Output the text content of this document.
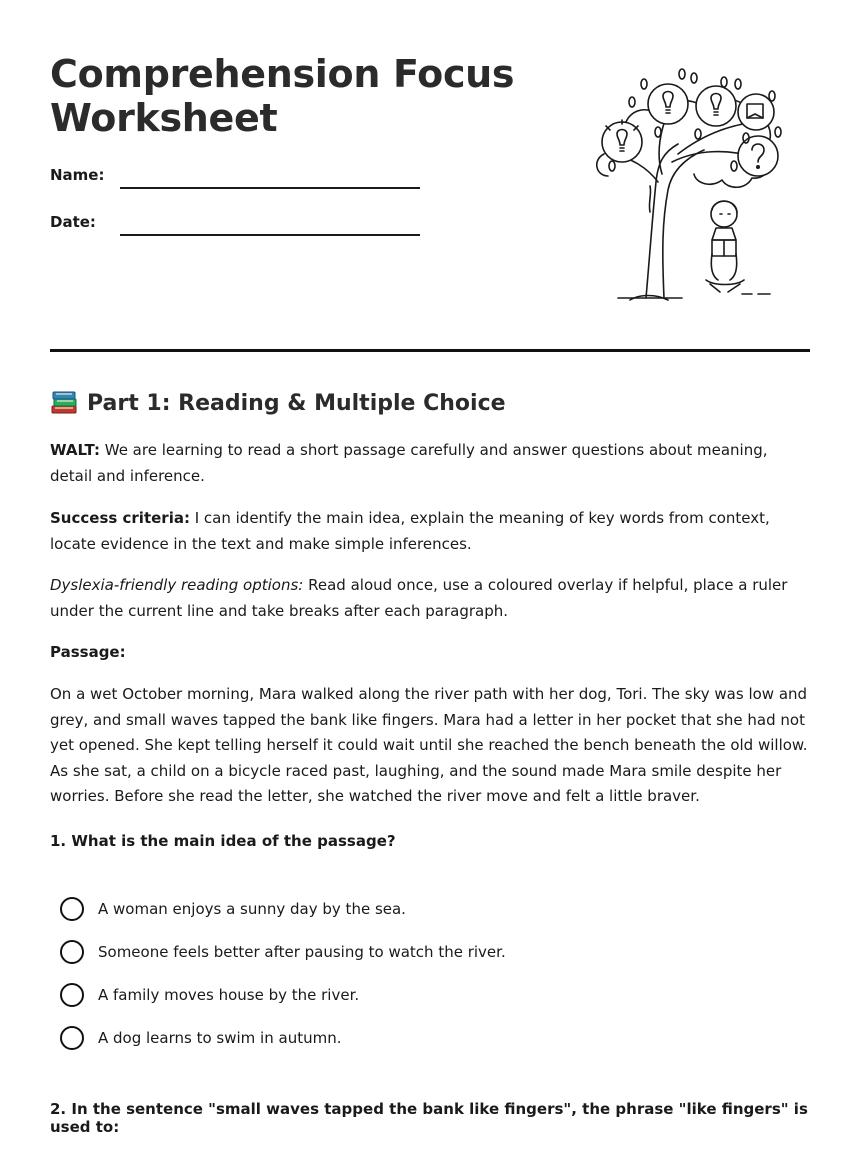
Comprehension Focus
Worksheet
Name:
Date:
Part 1: Reading & Multiple Choice
WALT: We are learning to read a short passage carefully and answer questions about meaning, detail and inference.
Success criteria: I can identify the main idea, explain the meaning of key words from context, locate evidence in the text and make simple inferences.
Dyslexia-friendly reading options: Read aloud once, use a coloured overlay if helpful, place a ruler under the current line and take breaks after each paragraph.
Passage:
On a wet October morning, Mara walked along the river path with her dog, Tori. The sky was low and grey, and small waves tapped the bank like fingers. Mara had a letter in her pocket that she had not yet opened. She kept telling herself it could wait until she reached the bench beneath the old willow. As she sat, a child on a bicycle raced past, laughing, and the sound made Mara smile despite her worries. Before she read the letter, she watched the river move and felt a little braver.
1. What is the main idea of the passage?
A woman enjoys a sunny day by the sea.
Someone feels better after pausing to watch the river.
A family moves house by the river.
A dog learns to swim in autumn.
2. In the sentence "small waves tapped the bank like fingers", the phrase "like fingers" is used to:
